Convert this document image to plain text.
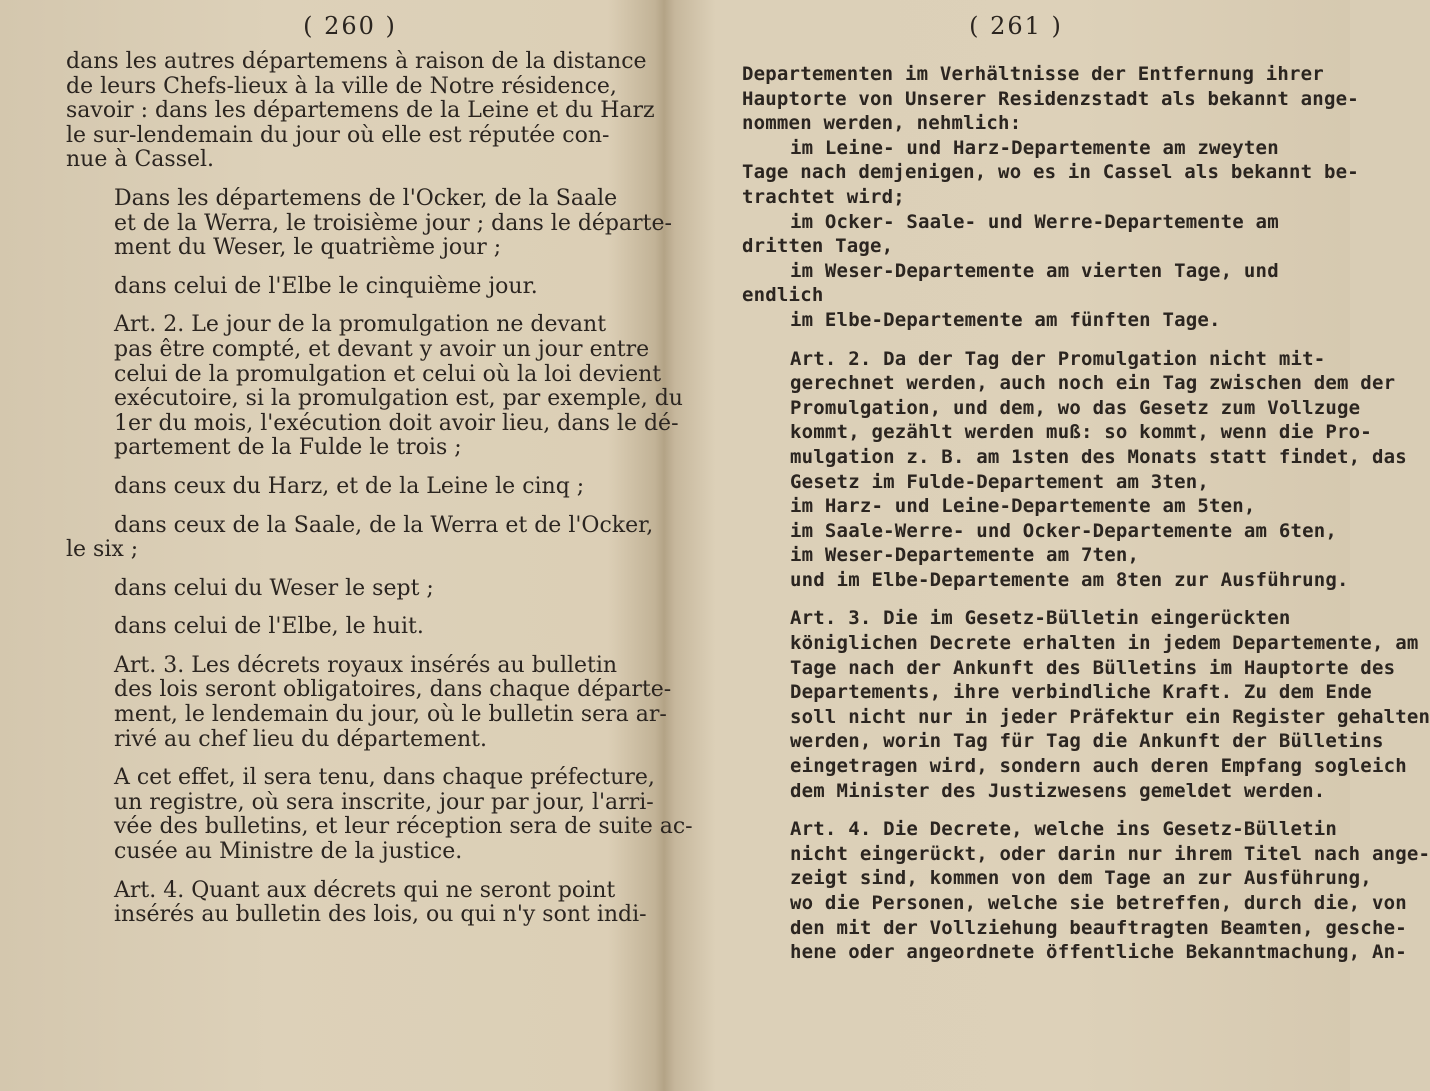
( 260 )
dans les autres départemens à raison de la distance
de leurs Chefs-lieux à la ville de Notre résidence,
savoir : dans les départemens de la Leine et du Harz
le sur-lendemain du jour où elle est réputée con-
nue à Cassel.
Dans les départemens de l'Ocker, de la Saale
et de la Werra, le troisième jour ; dans le départe-
ment du Weser, le quatrième jour ;
dans celui de l'Elbe le cinquième jour.
Art. 2. Le jour de la promulgation ne devant
pas être compté, et devant y avoir un jour entre
celui de la promulgation et celui où la loi devient
exécutoire, si la promulgation est, par exemple, du
1er du mois, l'exécution doit avoir lieu, dans le dé-
partement de la Fulde le trois ;
dans ceux du Harz, et de la Leine le cinq ;
dans ceux de la Saale, de la Werra et de l'Ocker,
le six ;
dans celui du Weser le sept ;
dans celui de l'Elbe, le huit.
Art. 3. Les décrets royaux insérés au bulletin
des lois seront obligatoires, dans chaque départe-
ment, le lendemain du jour, où le bulletin sera ar-
rivé au chef lieu du département.
A cet effet, il sera tenu, dans chaque préfecture,
un registre, où sera inscrite, jour par jour, l'arri-
vée des bulletins, et leur réception sera de suite ac-
cusée au Ministre de la justice.
Art. 4. Quant aux décrets qui ne seront point
insérés au bulletin des lois, ou qui n'y sont indi-
( 261 )
Departementen im Verhältnisse der Entfernung ihrer
Hauptorte von Unserer Residenzstadt als bekannt ange-
nommen werden, nehmlich:
im Leine- und Harz-Departemente am zweyten
Tage nach demjenigen, wo es in Cassel als bekannt be-
trachtet wird;
im Ocker- Saale- und Werre-Departemente am
dritten Tage,
im Weser-Departemente am vierten Tage, und
endlich
im Elbe-Departemente am fünften Tage.
Art. 2. Da der Tag der Promulgation nicht mit-
gerechnet werden, auch noch ein Tag zwischen dem der
Promulgation, und dem, wo das Gesetz zum Vollzuge
kommt, gezählt werden muß: so kommt, wenn die Pro-
mulgation z. B. am 1sten des Monats statt findet, das
Gesetz im Fulde-Departement am 3ten,
im Harz- und Leine-Departemente am 5ten,
im Saale-Werre- und Ocker-Departemente am 6ten,
im Weser-Departemente am 7ten,
und im Elbe-Departemente am 8ten zur Ausführung.
Art. 3. Die im Gesetz-Bülletin eingerückten
königlichen Decrete erhalten in jedem Departemente, am
Tage nach der Ankunft des Bülletins im Hauptorte des
Departements, ihre verbindliche Kraft. Zu dem Ende
soll nicht nur in jeder Präfektur ein Register gehalten
werden, worin Tag für Tag die Ankunft der Bülletins
eingetragen wird, sondern auch deren Empfang sogleich
dem Minister des Justizwesens gemeldet werden.
Art. 4. Die Decrete, welche ins Gesetz-Bülletin
nicht eingerückt, oder darin nur ihrem Titel nach ange-
zeigt sind, kommen von dem Tage an zur Ausführung,
wo die Personen, welche sie betreffen, durch die, von
den mit der Vollziehung beauftragten Beamten, gesche-
hene oder angeordnete öffentliche Bekanntmachung, An-
